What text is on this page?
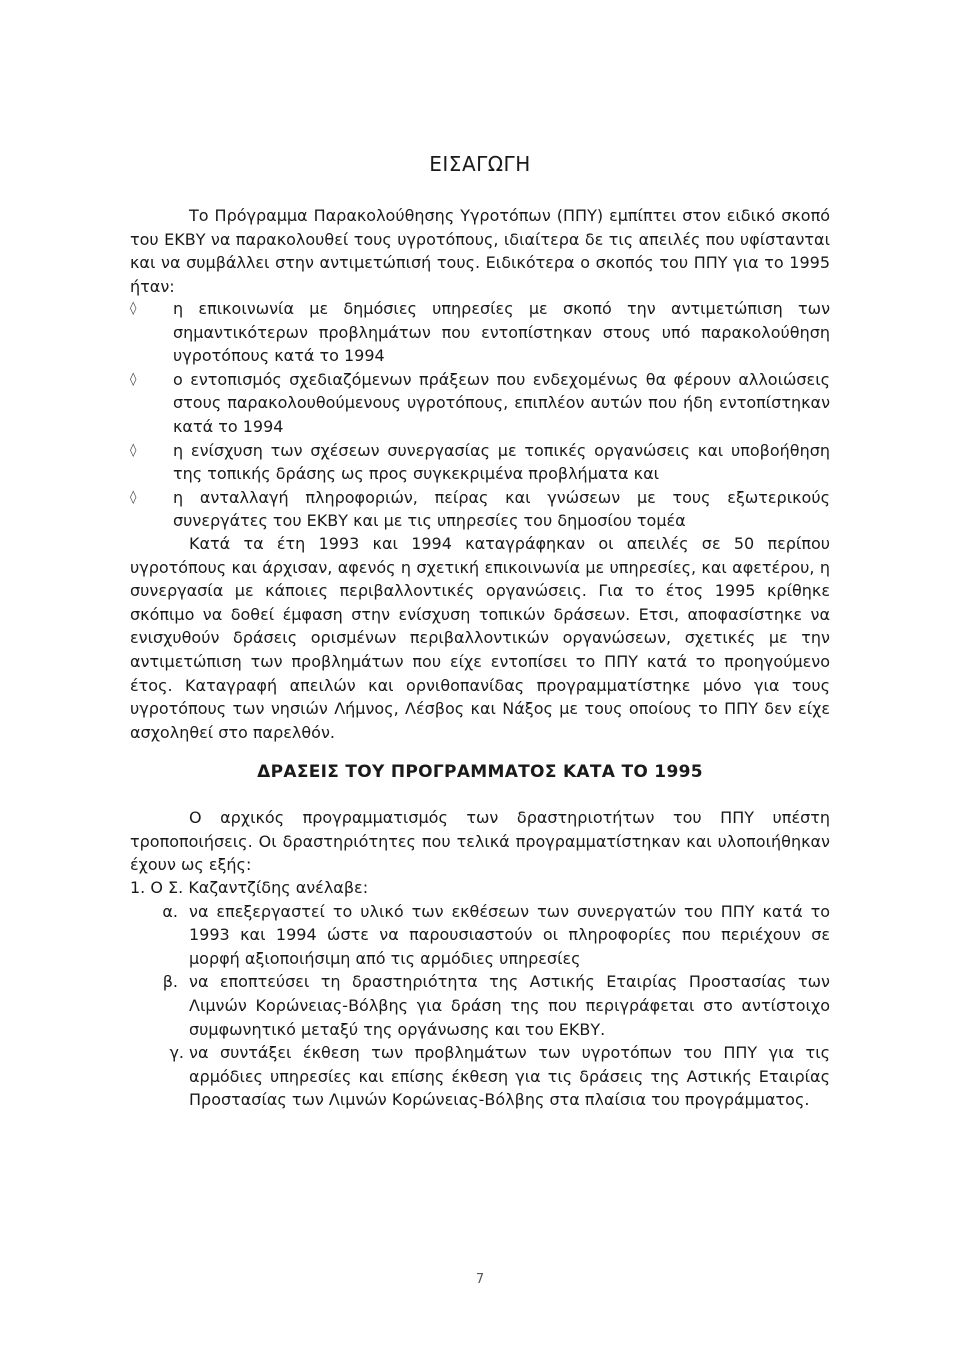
ΕΙΣΑΓΩΓΗ
Το Πρόγραμμα Παρακολούθησης Υγροτόπων (ΠΠΥ) εμπίπτει στον ειδικό σκοπό του ΕΚΒΥ να παρακολουθεί τους υγροτόπους, ιδιαίτερα δε τις απειλές που υφίστανται και να συμβάλλει στην αντιμετώπισή τους. Ειδικότερα ο σκοπός του ΠΠΥ για το 1995 ήταν:
◊ η επικοινωνία με δημόσιες υπηρεσίες με σκοπό την αντιμετώπιση των σημαντικότερων προβλημάτων που εντοπίστηκαν στους υπό παρακολούθηση υγροτόπους κατά το 1994
◊ ο εντοπισμός σχεδιαζόμενων πράξεων που ενδεχομένως θα φέρουν αλλοιώσεις στους παρακολουθούμενους υγροτόπους, επιπλέον αυτών που ήδη εντοπίστηκαν κατά το 1994
◊ η ενίσχυση των σχέσεων συνεργασίας με τοπικές οργανώσεις και υποβοήθηση της τοπικής δράσης ως προς συγκεκριμένα προβλήματα και
◊ η ανταλλαγή πληροφοριών, πείρας και γνώσεων με τους εξωτερικούς συνεργάτες του ΕΚΒΥ και με τις υπηρεσίες του δημοσίου τομέα
Κατά τα έτη 1993 και 1994 καταγράφηκαν οι απειλές σε 50 περίπου υγροτόπους και άρχισαν, αφενός η σχετική επικοινωνία με υπηρεσίες, και αφετέρου, η συνεργασία με κάποιες περιβαλλοντικές οργανώσεις. Για το έτος 1995 κρίθηκε σκόπιμο να δοθεί έμφαση στην ενίσχυση τοπικών δράσεων. Ετσι, αποφασίστηκε να ενισχυθούν δράσεις ορισμένων περιβαλλοντικών οργανώσεων, σχετικές με την αντιμετώπιση των προβλημάτων που είχε εντοπίσει το ΠΠΥ κατά το προηγούμενο έτος. Καταγραφή απειλών και ορνιθοπανίδας προγραμματίστηκε μόνο για τους υγροτόπους των νησιών Λήμνος, Λέσβος και Νάξος με τους οποίους το ΠΠΥ δεν είχε ασχοληθεί στο παρελθόν.
ΔΡΑΣΕΙΣ ΤΟΥ ΠΡΟΓΡΑΜΜΑΤΟΣ ΚΑΤΑ ΤΟ 1995
Ο αρχικός προγραμματισμός των δραστηριοτήτων του ΠΠΥ υπέστη τροποποιήσεις. Οι δραστηριότητες που τελικά προγραμματίστηκαν και υλοποιήθηκαν έχουν ως εξής:
1. Ο Σ. Καζαντζίδης ανέλαβε:
α. να επεξεργαστεί το υλικό των εκθέσεων των συνεργατών του ΠΠΥ κατά το 1993 και 1994 ώστε να παρουσιαστούν οι πληροφορίες που περιέχουν σε μορφή αξιοποιήσιμη από τις αρμόδιες υπηρεσίες
β. να εποπτεύσει τη δραστηριότητα της Αστικής Εταιρίας Προστασίας των Λιμνών Κορώνειας-Βόλβης για δράση της που περιγράφεται στο αντίστοιχο συμφωνητικό μεταξύ της οργάνωσης και του ΕΚΒΥ.
γ. να συντάξει έκθεση των προβλημάτων των υγροτόπων του ΠΠΥ για τις αρμόδιες υπηρεσίες και επίσης έκθεση για τις δράσεις της Αστικής Εταιρίας Προστασίας των Λιμνών Κορώνειας-Βόλβης στα πλαίσια του προγράμματος.
7
